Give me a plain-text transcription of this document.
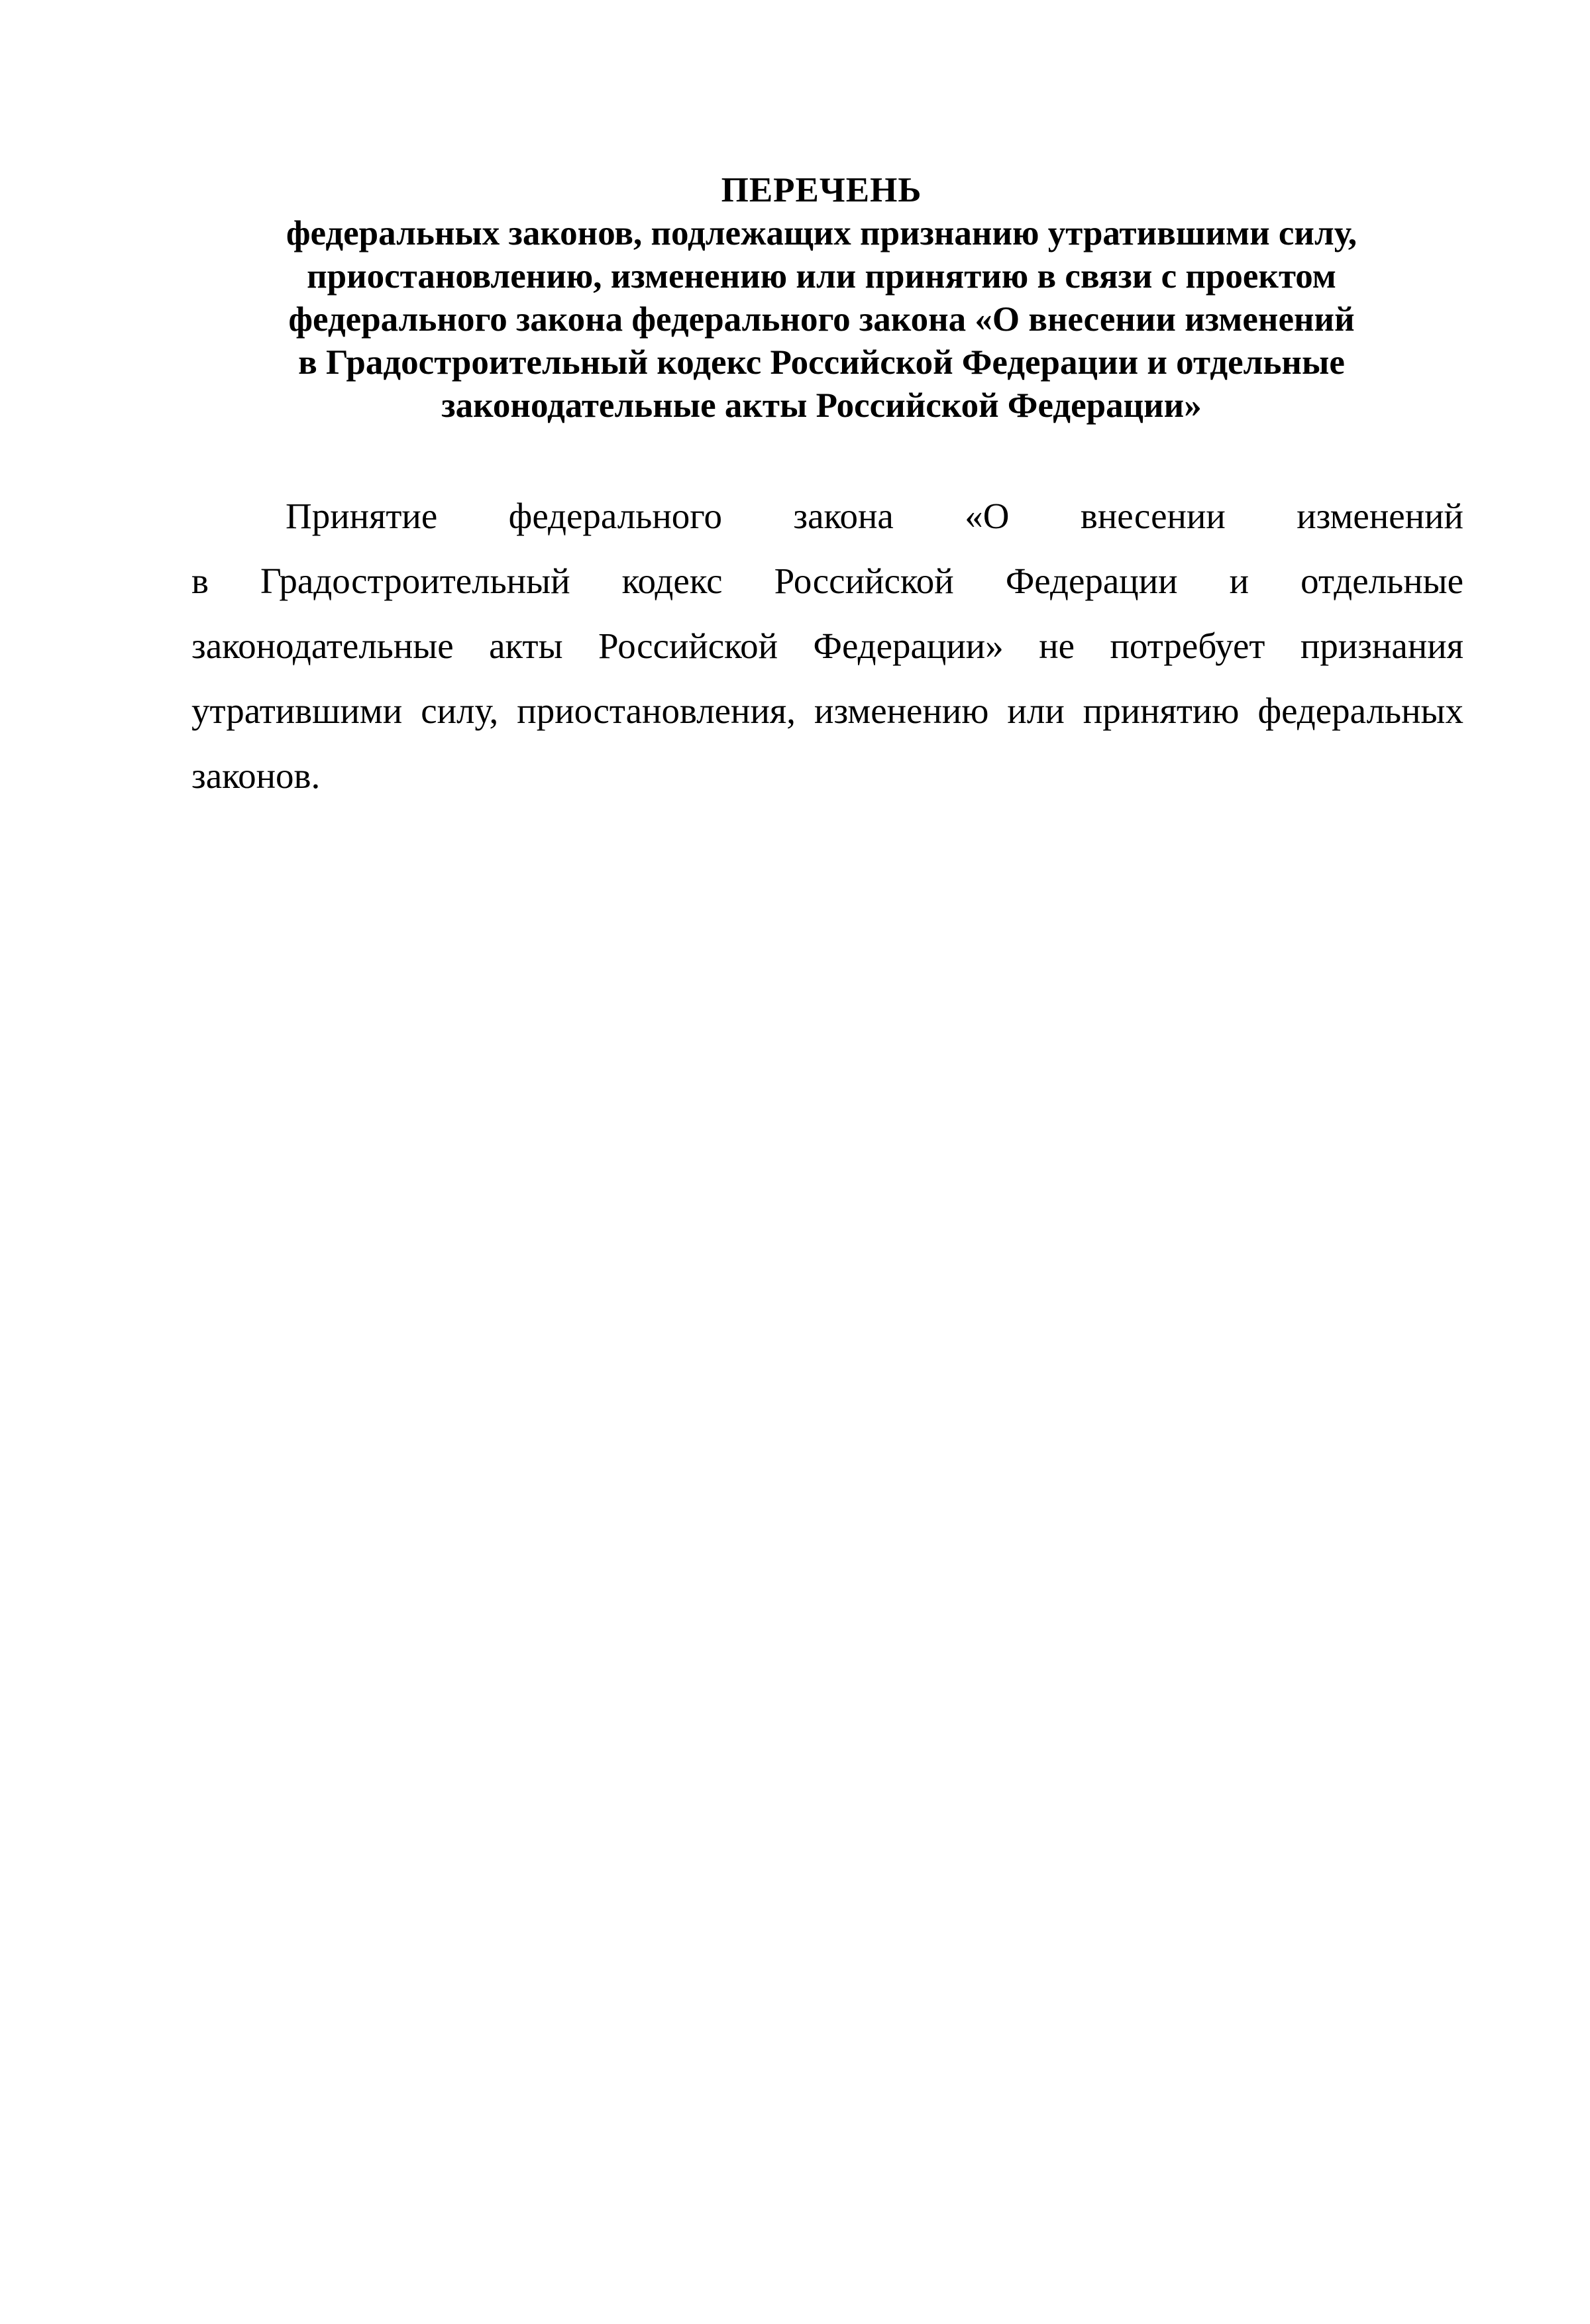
ПЕРЕЧЕНЬ
федеральных законов, подлежащих признанию утратившими силу,
приостановлению, изменению или принятию в связи с проектом
федерального закона федерального закона «О внесении изменений
в Градостроительный кодекс Российской Федерации и отдельные
законодательные акты Российской Федерации»
Принятие федерального закона «О внесении изменений
в Градостроительный кодекс Российской Федерации и отдельные
законодательные акты Российской Федерации» не потребует признания
утратившими силу, приостановления, изменению или принятию федеральных
законов.
